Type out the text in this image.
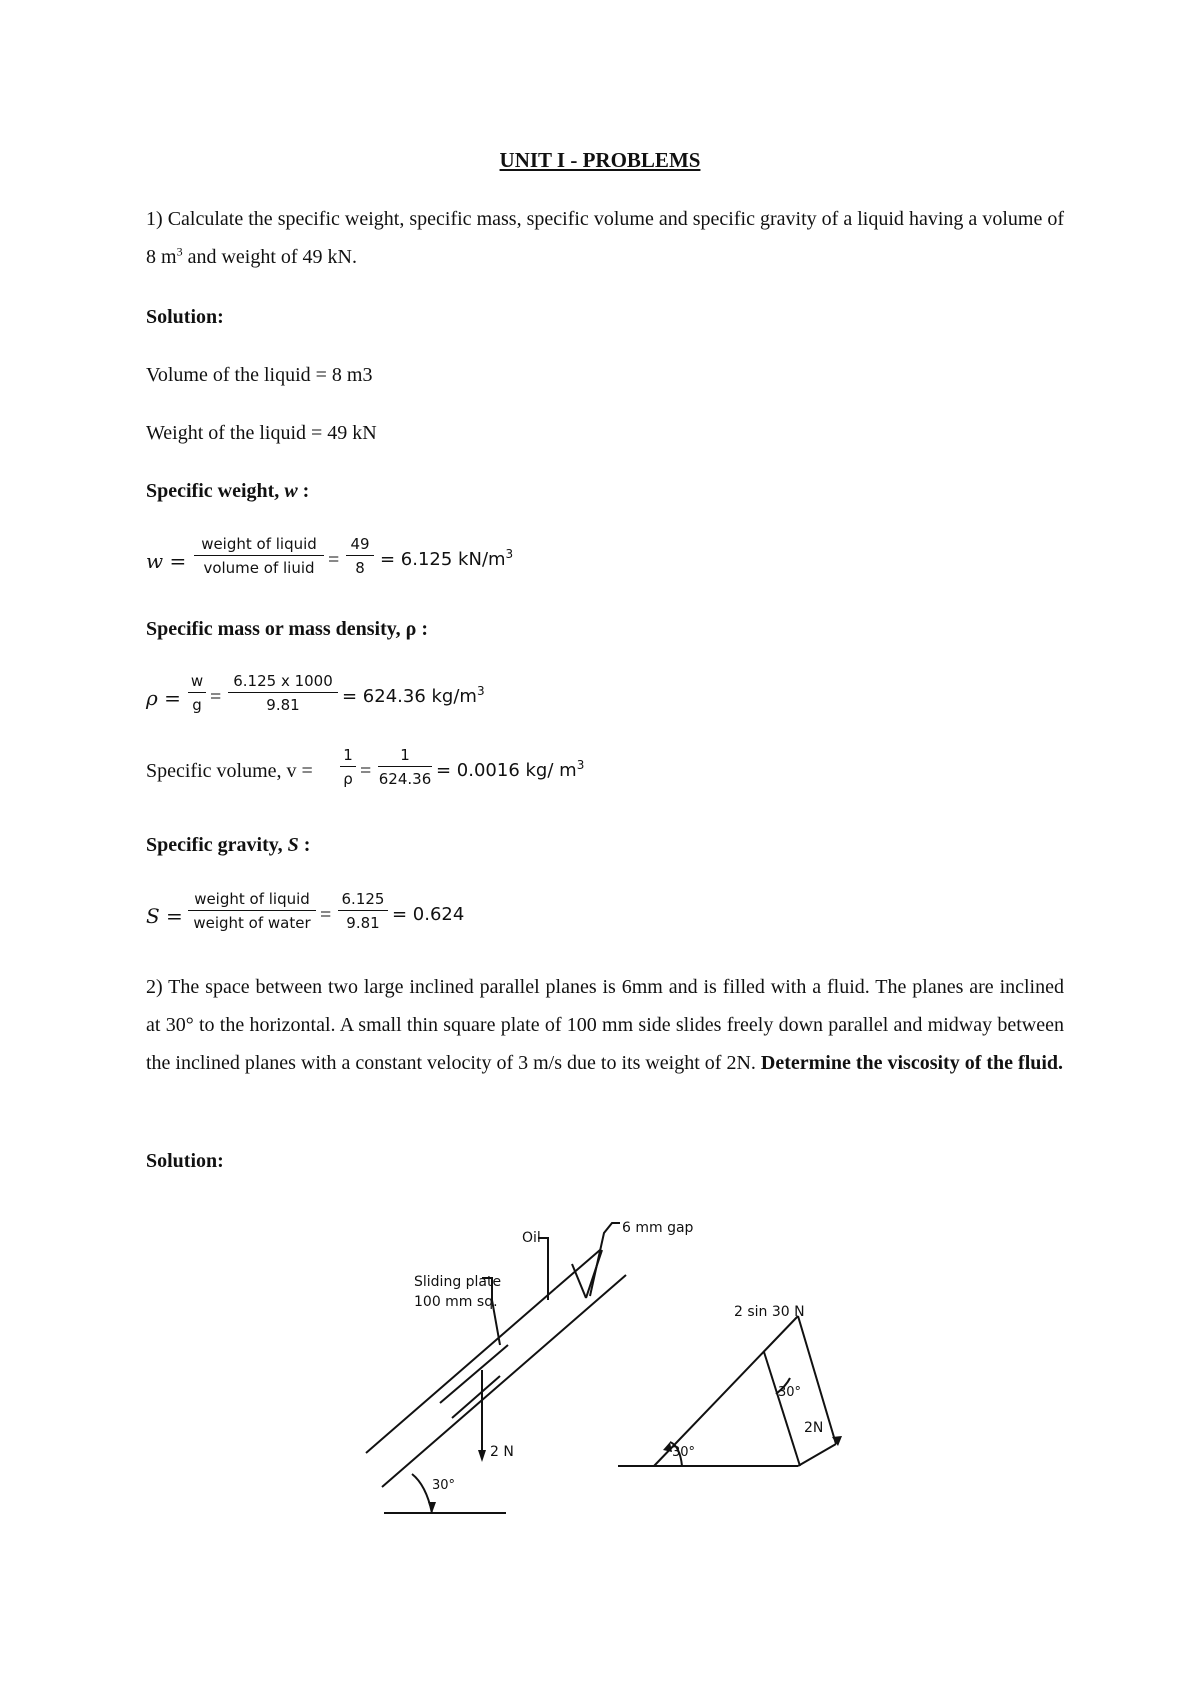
UNIT I - PROBLEMS
1) Calculate the specific weight, specific mass, specific volume and specific gravity of a liquid having a volume of 8 $m^3$ and weight of 49 kN.
Solution:
Volume of the liquid = 8 m3
Weight of the liquid = 49 kN
Specific weight, w :
w =
weight of liquid
volume of liuid = $\frac{49}{8} = 6.125$ $kN/m^3$
Specific mass or mass density, ρ :
$\rho = \frac{w}{g} = \frac{6.125 x 1000}{9.81} = 624.36$ $kg/m^3$
Specific volume, $v = \frac{1}{\rho} = \frac{1}{624.36} = 0.0016$ kg/ $m^3$
Specific gravity, S :
S =
weight of liquid
weight of water = $\frac{6.125}{9.81} = 0.624$
2) The space between two large inclined parallel planes is 6mm and is filled with a fluid. The planes are inclined at 30° to the horizontal. A small thin square plate of 100 mm side slides freely down parallel and midway between the inclined planes with a constant velocity of 3 m/s due to its weight of 2N. Determine the viscosity of the fluid.
Solution:
Oil
6 mm gap
Sliding plate
100 mm sq.
2 N
30°
2 sin 30 N
30°
2N
30°
